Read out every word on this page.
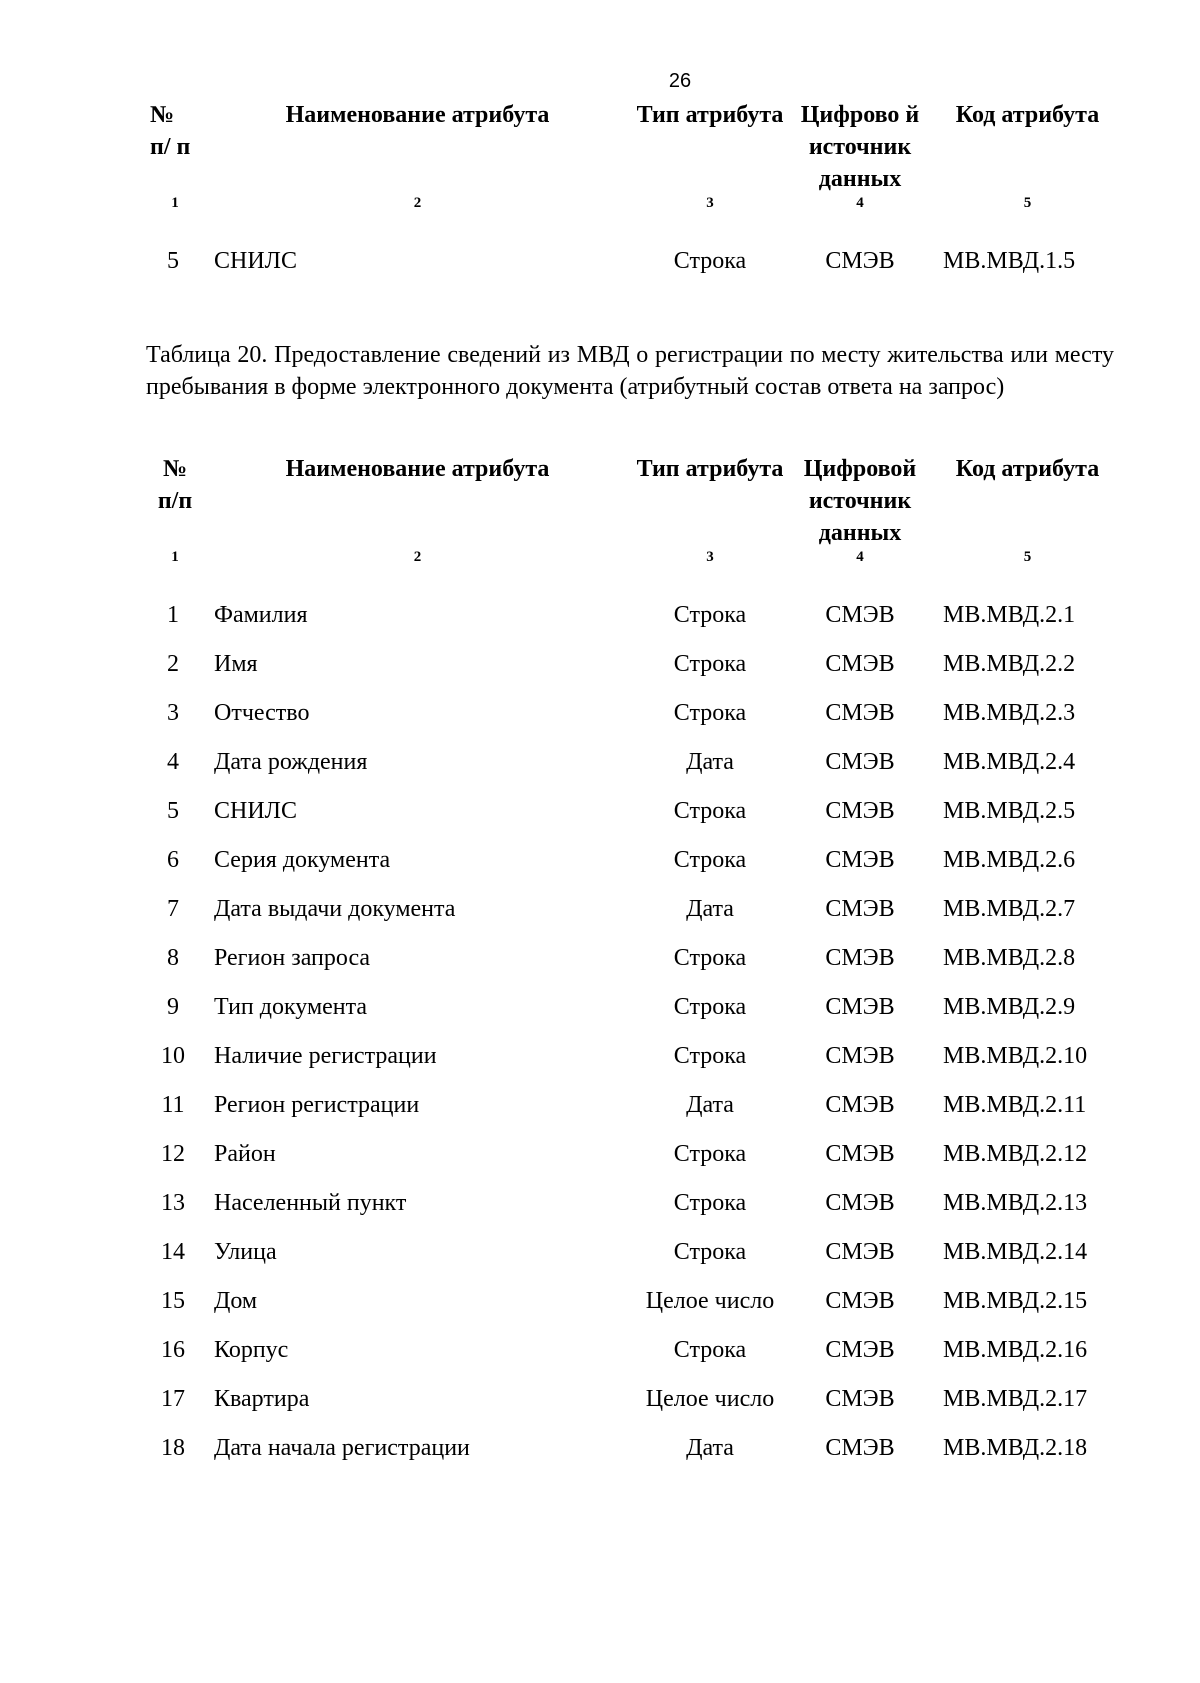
26
№ п/ п	Наименование атрибута	Тип атрибута	Цифрово й источник данных	Код атрибута
1	2	3	4	5
5	СНИЛС	Строка	СМЭВ	МВ.МВД.1.5
Таблица 20. Предоставление сведений из МВД о регистрации по месту жительства или месту пребывания в форме электронного документа (атрибутный состав ответа на запрос)
№ п/п	Наименование атрибута	Тип атрибута	Цифровой источник данных	Код атрибута
1	2	3	4	5
1	Фамилия	Строка	СМЭВ	МВ.МВД.2.1
2	Имя	Строка	СМЭВ	МВ.МВД.2.2
3	Отчество	Строка	СМЭВ	МВ.МВД.2.3
4	Дата рождения	Дата	СМЭВ	МВ.МВД.2.4
5	СНИЛС	Строка	СМЭВ	МВ.МВД.2.5
6	Серия документа	Строка	СМЭВ	МВ.МВД.2.6
7	Дата выдачи документа	Дата	СМЭВ	МВ.МВД.2.7
8	Регион запроса	Строка	СМЭВ	МВ.МВД.2.8
9	Тип документа	Строка	СМЭВ	МВ.МВД.2.9
10	Наличие регистрации	Строка	СМЭВ	МВ.МВД.2.10
11	Регион регистрации	Дата	СМЭВ	МВ.МВД.2.11
12	Район	Строка	СМЭВ	МВ.МВД.2.12
13	Населенный пункт	Строка	СМЭВ	МВ.МВД.2.13
14	Улица	Строка	СМЭВ	МВ.МВД.2.14
15	Дом	Целое число	СМЭВ	МВ.МВД.2.15
16	Корпус	Строка	СМЭВ	МВ.МВД.2.16
17	Квартира	Целое число	СМЭВ	МВ.МВД.2.17
18	Дата начала регистрации	Дата	СМЭВ	МВ.МВД.2.18
